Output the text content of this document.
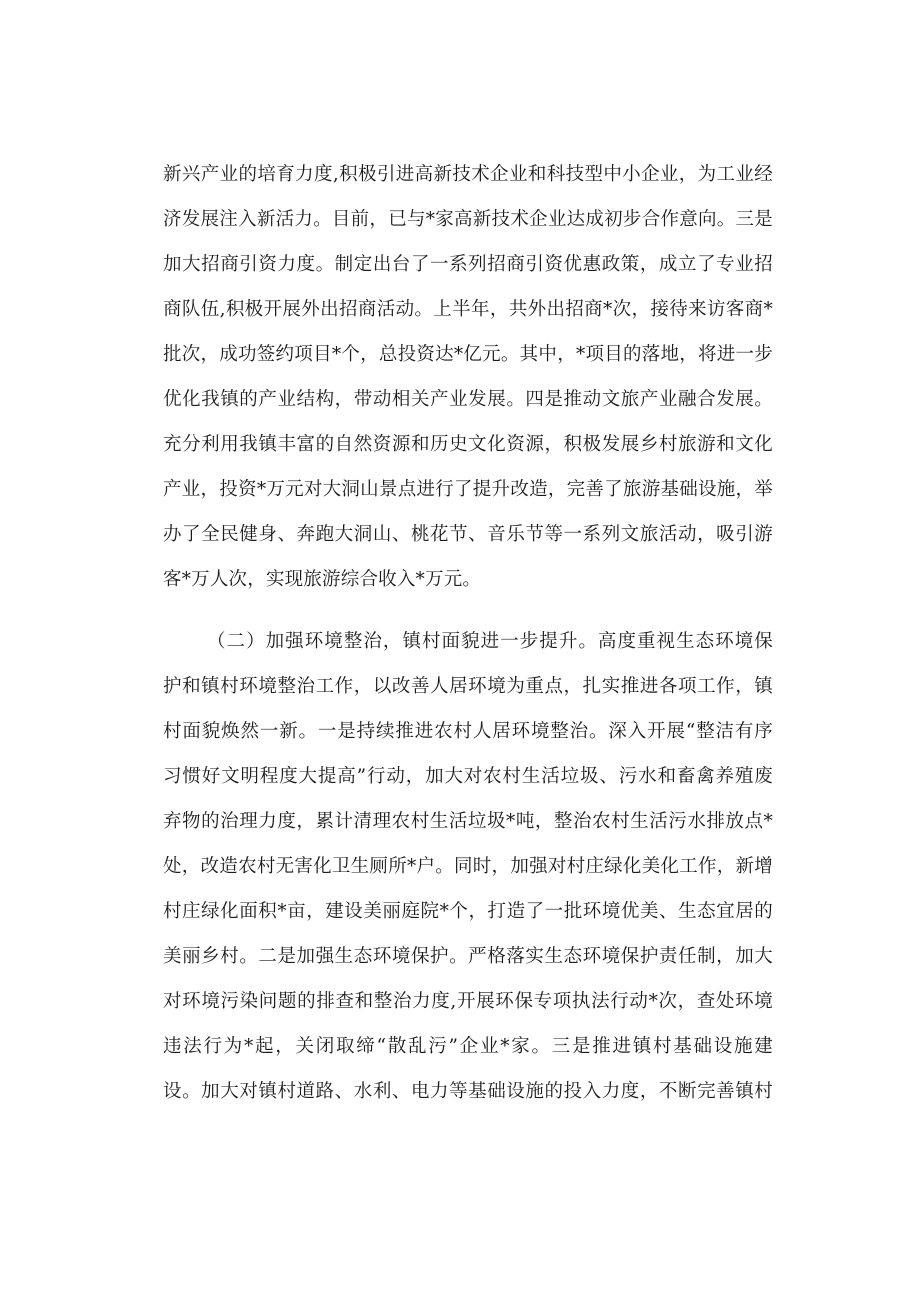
新兴产业的培育力度,积极引进高新技术企业和科技型中小企业，为工业经
济发展注入新活力。目前，已与*家高新技术企业达成初步合作意向。三是
加大招商引资力度。制定出台了一系列招商引资优惠政策，成立了专业招
商队伍,积极开展外出招商活动。上半年，共外出招商*次，接待来访客商*
批次，成功签约项目*个，总投资达*亿元。其中，*项目的落地，将进一步
优化我镇的产业结构，带动相关产业发展。四是推动文旅产业融合发展。
充分利用我镇丰富的自然资源和历史文化资源，积极发展乡村旅游和文化
产业，投资*万元对大洞山景点进行了提升改造，完善了旅游基础设施，举
办了全民健身、奔跑大洞山、桃花节、音乐节等一系列文旅活动，吸引游
客*万人次，实现旅游综合收入*万元。
（二）加强环境整治，镇村面貌进一步提升。高度重视生态环境保
护和镇村环境整治工作，以改善人居环境为重点，扎实推进各项工作，镇
村面貌焕然一新。一是持续推进农村人居环境整治。深入开展“整洁有序
习惯好文明程度大提高”行动，加大对农村生活垃圾、污水和畜禽养殖废
弃物的治理力度，累计清理农村生活垃圾*吨，整治农村生活污水排放点*
处，改造农村无害化卫生厕所*户。同时，加强对村庄绿化美化工作，新增
村庄绿化面积*亩，建设美丽庭院*个，打造了一批环境优美、生态宜居的
美丽乡村。二是加强生态环境保护。严格落实生态环境保护责任制，加大
对环境污染问题的排查和整治力度,开展环保专项执法行动*次，查处环境
违法行为*起，关闭取缔“散乱污”企业*家。三是推进镇村基础设施建
设。加大对镇村道路、水利、电力等基础设施的投入力度，不断完善镇村
